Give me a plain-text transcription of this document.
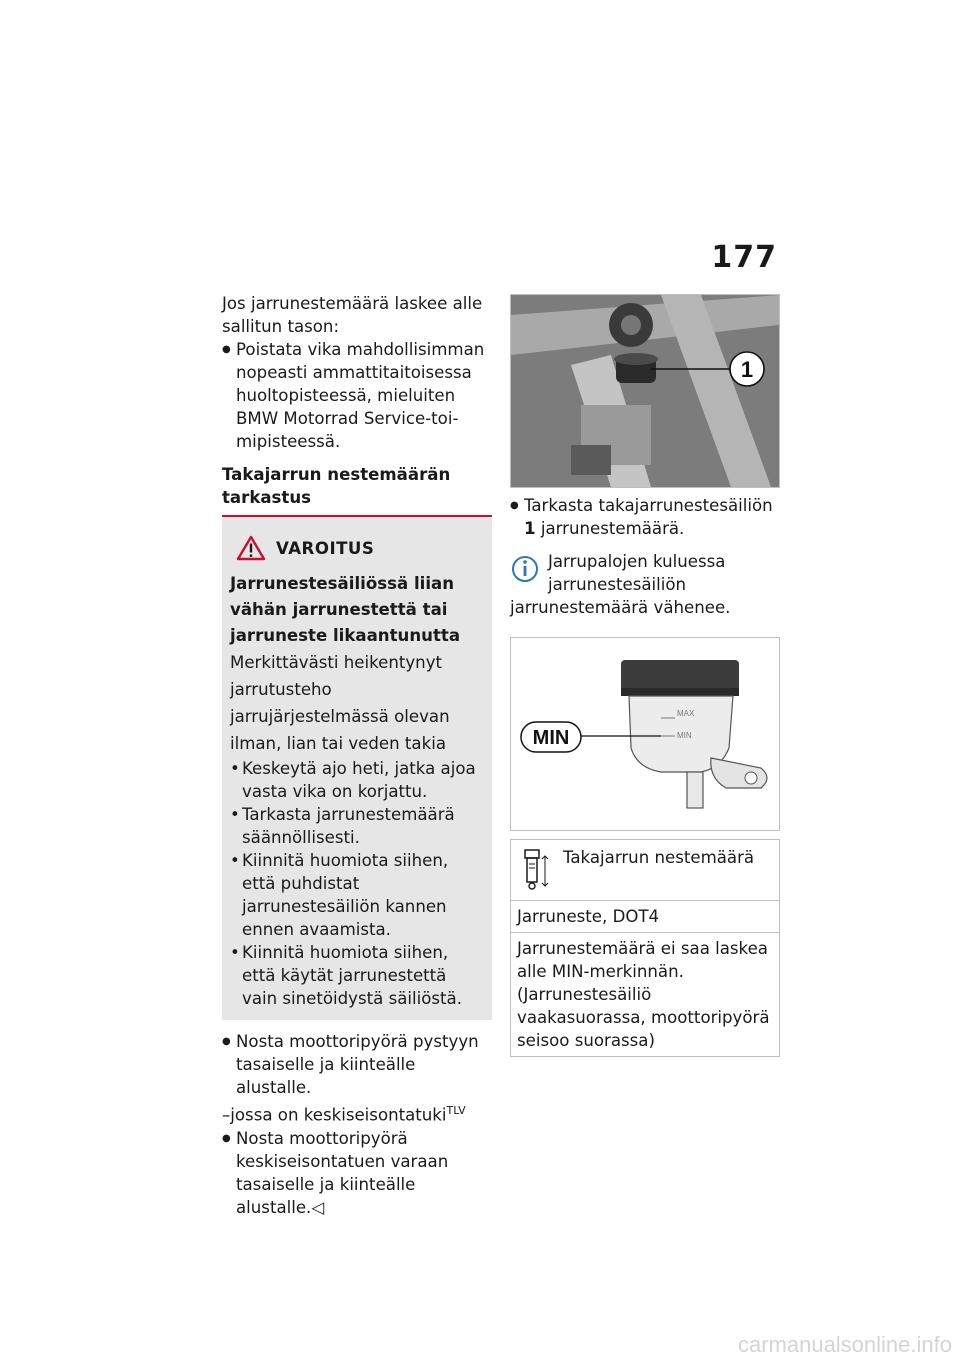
177

Jos jarrunestemäärä laskee alle sallitun tason:

● Poistata vika mahdollisimman nopeasti ammattitaitoisessa huoltopisteessä, mieluiten BMW Motorrad Service-toimipisteessä.

Takajarrun nestemäärän tarkastus

VAROITUS

Jarrunestesäiliössä liian vähän jarrunestettä tai jarruneste likaantunutta

Merkittävästi heikentynyt jarrutusteho jarrujärjestelmässä olevan ilman, lian tai veden takia

• Keskeytä ajo heti, jatka ajoa vasta vika on korjattu.

• Tarkasta jarrunestemäärä säännöllisesti.

• Kiinnitä huomiota siihen, että puhdistat jarrunestesäiliön kannen ennen avaamista.

• Kiinnitä huomiota siihen, että käytät jarrunestettä vain sinetöidystä säiliöstä.

● Nosta moottoripyörä pystyyn tasaiselle ja kiinteälle alustalle.

–jossa on keskiseisontatuki$^{TLV}$

● Nosta moottoripyörä keskiseisontatuen varaan tasaiselle ja kiinteälle alustalle.◁

1

● Tarkasta takajarrunestesäiliön 1 jarrunestemäärä.

Jarrupalojen kuluessa jarrunestesäiliön jarrunestemäärä vähenee.

MAX
MIN
MIN
Takajarrun nestemäärä
Jarruneste, DOT4
Jarrunestemäärä ei saa laskea alle MIN-merkinnän. (Jarrunestesäiliö vaakasuorassa, moottoripyörä seisoo suorassa)
carmanualsonline.info
